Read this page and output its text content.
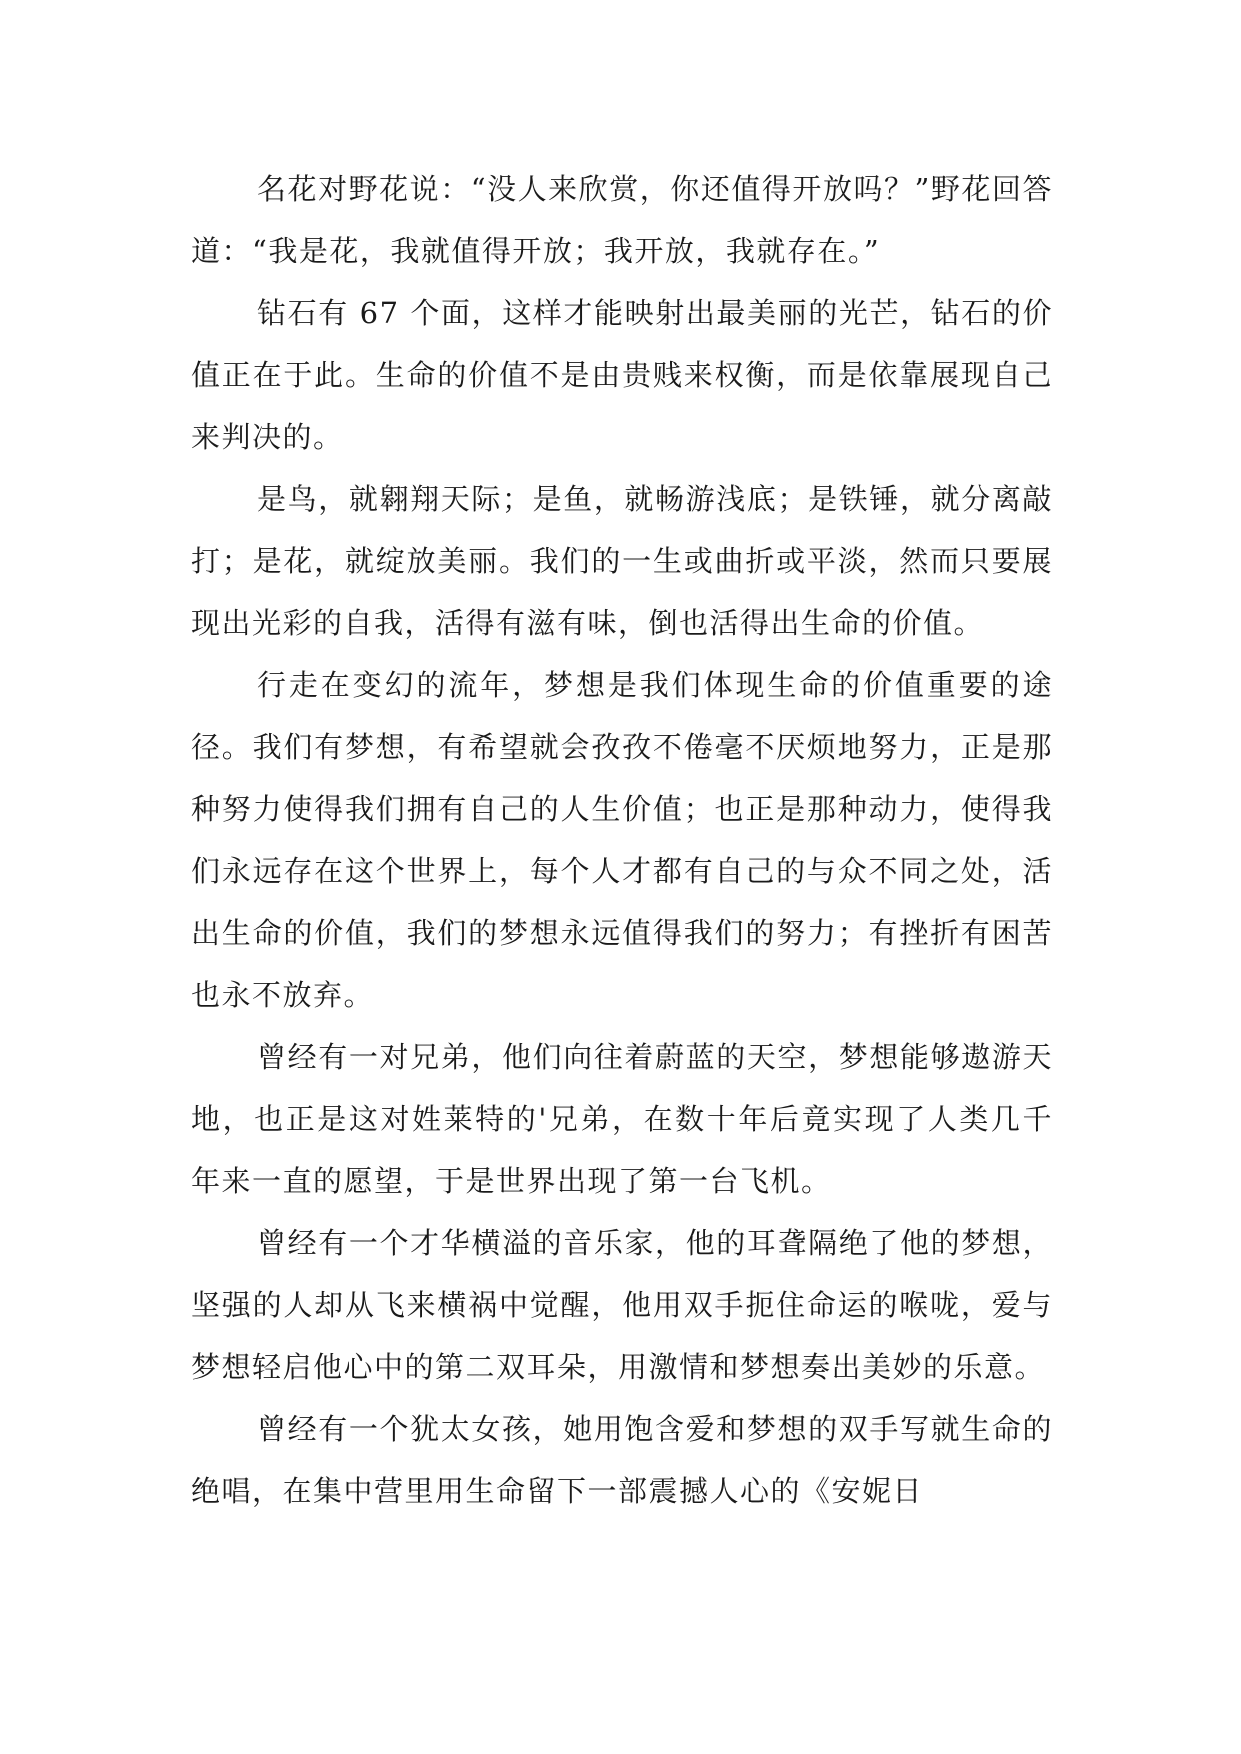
名花对野花说：“没人来欣赏，你还值得开放吗？”野花回答道：“我是花，我就值得开放；我开放，我就存在。”

钻石有 67 个面，这样才能映射出最美丽的光芒，钻石的价值正在于此。生命的价值不是由贵贱来权衡，而是依靠展现自己来判决的。

是鸟，就翱翔天际；是鱼，就畅游浅底；是铁锤，就分离敲打；是花，就绽放美丽。我们的一生或曲折或平淡，然而只要展现出光彩的自我，活得有滋有味，倒也活得出生命的价值。

行走在变幻的流年，梦想是我们体现生命的价值重要的途径。我们有梦想，有希望就会孜孜不倦毫不厌烦地努力，正是那种努力使得我们拥有自己的人生价值；也正是那种动力，使得我们永远存在这个世界上，每个人才都有自己的与众不同之处，活出生命的价值，我们的梦想永远值得我们的努力；有挫折有困苦也永不放弃。

曾经有一对兄弟，他们向往着蔚蓝的天空，梦想能够遨游天地，也正是这对姓莱特的'兄弟，在数十年后竟实现了人类几千年来一直的愿望，于是世界出现了第一台飞机。

曾经有一个才华横溢的音乐家，他的耳聋隔绝了他的梦想，坚强的人却从飞来横祸中觉醒，他用双手扼住命运的喉咙，爱与梦想轻启他心中的第二双耳朵，用激情和梦想奏出美妙的乐意。

曾经有一个犹太女孩，她用饱含爱和梦想的双手写就生命的绝唱，在集中营里用生命留下一部震撼人心的《安妮日
